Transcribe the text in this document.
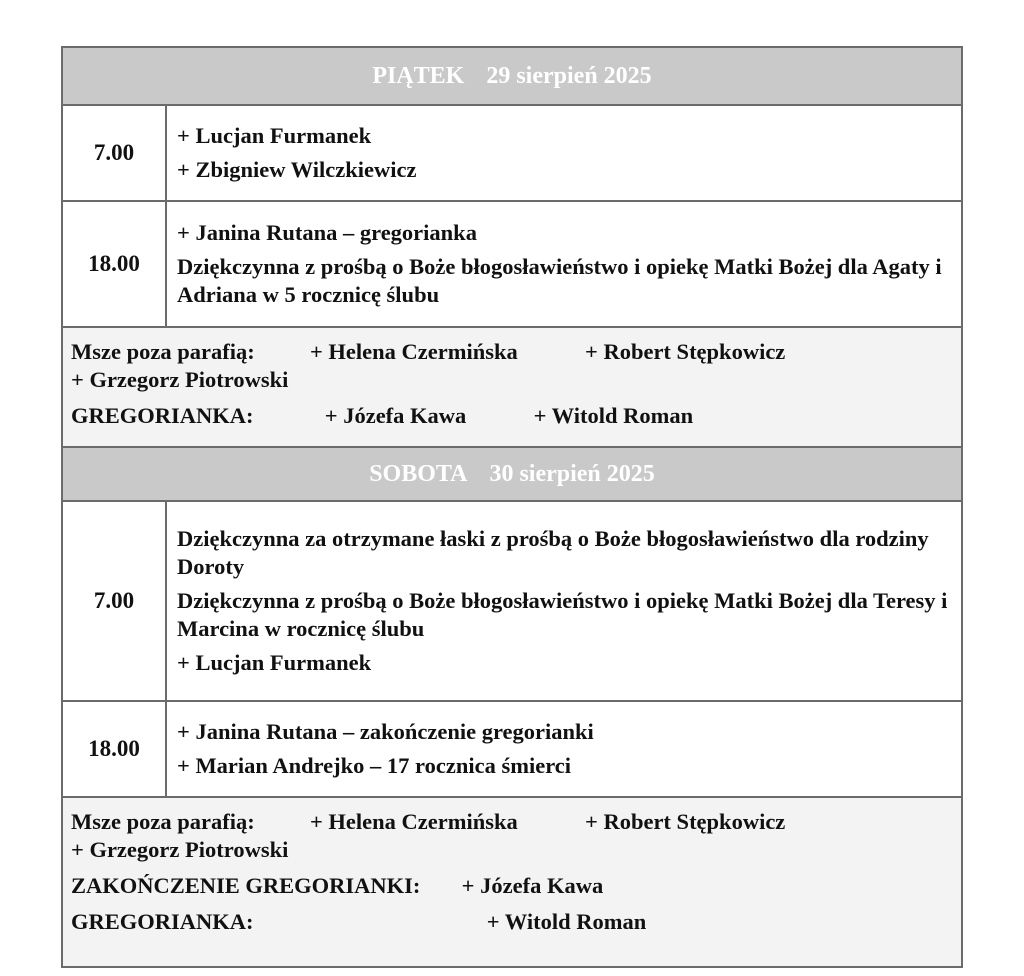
PIĄTEK 29 sierpień 2025
7.00
+ Lucjan Furmanek
+ Zbigniew Wilczkiewicz
18.00
+ Janina Rutana – gregorianka
Dziękczynna z prośbą o Boże błogosławieństwo i opiekę Matki Bożej dla Agaty i Adriana w 5 rocznicę ślubu
Msze poza parafią: + Helena Czermińska	+ Robert Stępkowicz
+ Grzegorz Piotrowski
GREGORIANKA:	+ Józefa Kawa	+ Witold Roman
SOBOTA 30 sierpień 2025
7.00
Dziękczynna za otrzymane łaski z prośbą o Boże błogosławieństwo dla rodziny Doroty
Dziękczynna z prośbą o Boże błogosławieństwo i opiekę Matki Bożej dla Teresy i Marcina w rocznicę ślubu
+ Lucjan Furmanek
18.00
+ Janina Rutana – zakończenie gregorianki
+ Marian Andrejko – 17 rocznica śmierci
Msze poza parafią: + Helena Czermińska	+ Robert Stępkowicz
+ Grzegorz Piotrowski
ZAKOŃCZENIE GREGORIANKI: + Józefa Kawa
GREGORIANKA:	+ Witold Roman
